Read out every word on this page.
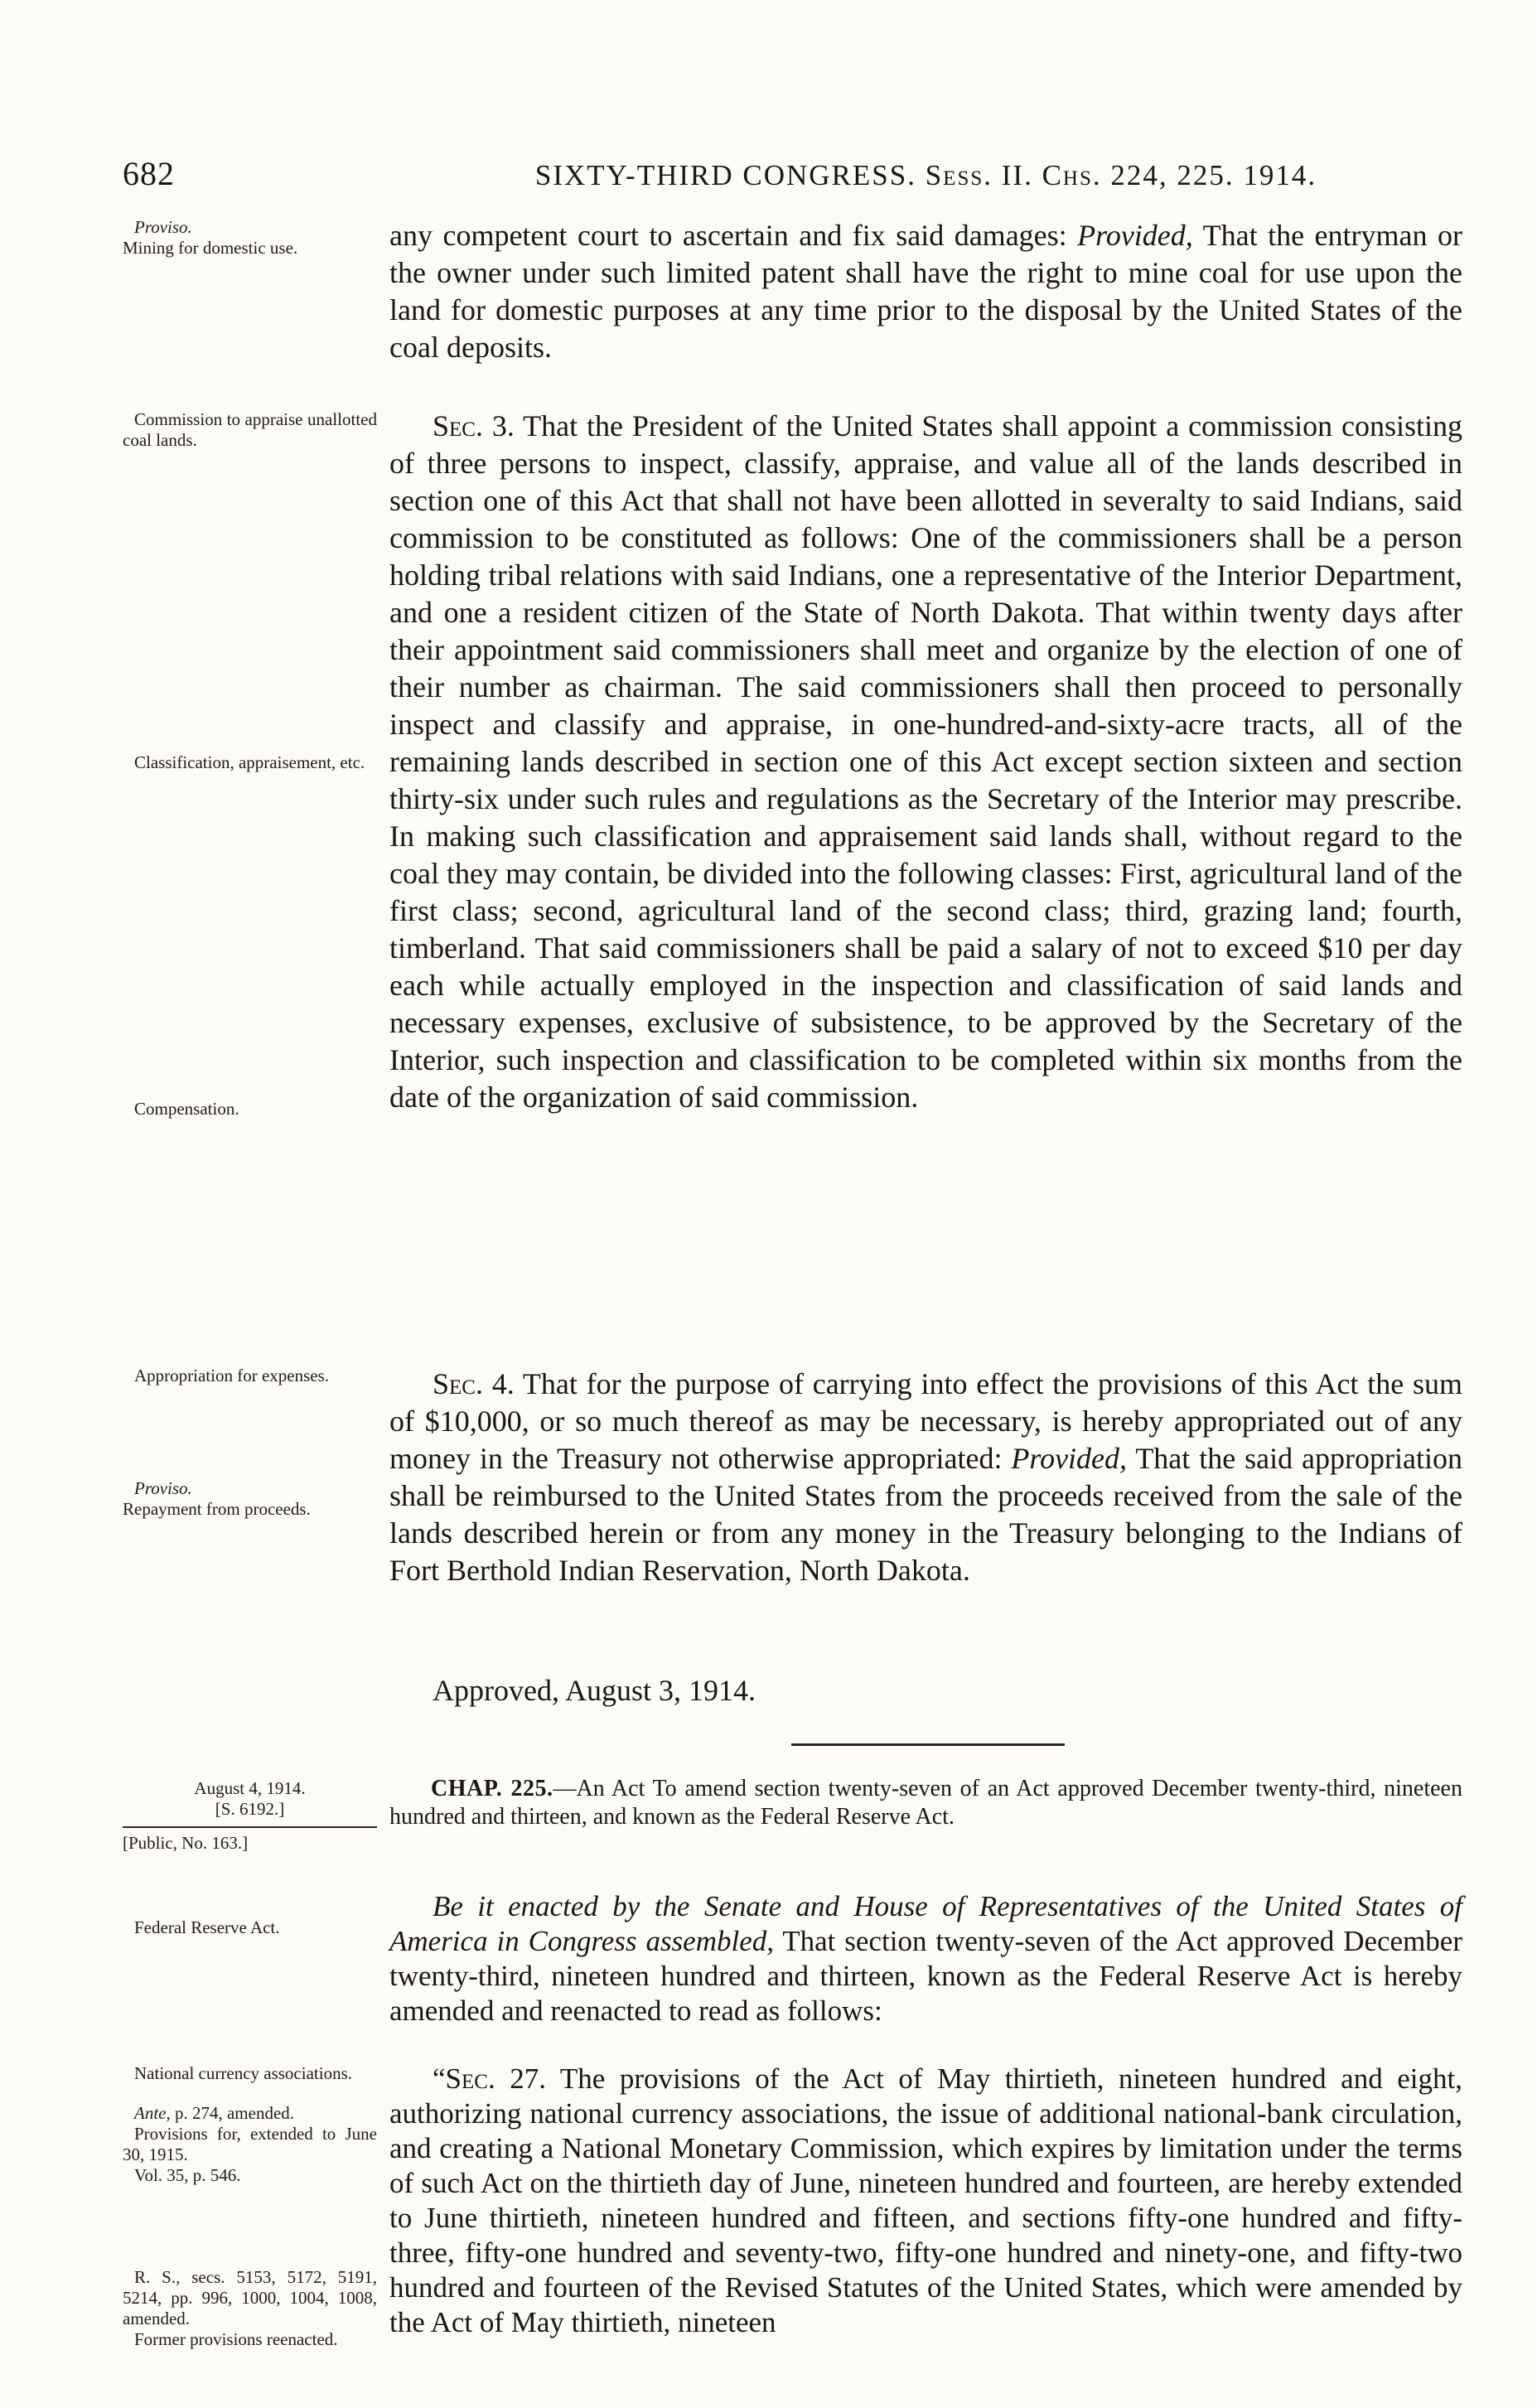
682	SIXTY-THIRD CONGRESS. Sess. II. Chs. 224, 225. 1914.
Proviso.
Mining for domestic use.
Commission to appraise unallotted coal lands.
Classification, appraisement, etc.
Compensation.
Appropriation for expenses.
Proviso.
Repayment from proceeds.
August 4, 1914.
[S. 6192.]
[Public, No. 163.]
Federal Reserve Act.
National currency associations.
Ante, p. 274, amended.
Provisions for, extended to June 30, 1915.
Vol. 35, p. 546.
R. S., secs. 5153, 5172, 5191, 5214, pp. 996, 1000, 1004, 1008, amended.
Former provisions reenacted.

any competent court to ascertain and fix said damages: Provided, That the entryman or the owner under such limited patent shall have the right to mine coal for use upon the land for domestic purposes at any time prior to the disposal by the United States of the coal deposits.

Sec. 3. That the President of the United States shall appoint a commission consisting of three persons to inspect, classify, appraise, and value all of the lands described in section one of this Act that shall not have been allotted in severalty to said Indians, said commission to be constituted as follows: One of the commissioners shall be a person holding tribal relations with said Indians, one a representative of the Interior Department, and one a resident citizen of the State of North Dakota. That within twenty days after their appointment said commissioners shall meet and organize by the election of one of their number as chairman. The said commissioners shall then proceed to personally inspect and classify and appraise, in one-hundred-and-sixty-acre tracts, all of the remaining lands described in section one of this Act except section sixteen and section thirty-six under such rules and regulations as the Secretary of the Interior may prescribe. In making such classification and appraisement said lands shall, without regard to the coal they may contain, be divided into the following classes: First, agricultural land of the first class; second, agricultural land of the second class; third, grazing land; fourth, timberland. That said commissioners shall be paid a salary of not to exceed $10 per day each while actually employed in the inspection and classification of said lands and necessary expenses, exclusive of subsistence, to be approved by the Secretary of the Interior, such inspection and classification to be completed within six months from the date of the organization of said commission.

Sec. 4. That for the purpose of carrying into effect the provisions of this Act the sum of $10,000, or so much thereof as may be necessary, is hereby appropriated out of any money in the Treasury not otherwise appropriated: Provided, That the said appropriation shall be reimbursed to the United States from the proceeds received from the sale of the lands described herein or from any money in the Treasury belonging to the Indians of Fort Berthold Indian Reservation, North Dakota.

Approved, August 3, 1914.

CHAP. 225.—An Act To amend section twenty-seven of an Act approved December twenty-third, nineteen hundred and thirteen, and known as the Federal Reserve Act.

Be it enacted by the Senate and House of Representatives of the United States of America in Congress assembled, That section twenty-seven of the Act approved December twenty-third, nineteen hundred and thirteen, known as the Federal Reserve Act is hereby amended and reenacted to read as follows:

“Sec. 27. The provisions of the Act of May thirtieth, nineteen hundred and eight, authorizing national currency associations, the issue of additional national-bank circulation, and creating a National Monetary Commission, which expires by limitation under the terms of such Act on the thirtieth day of June, nineteen hundred and fourteen, are hereby extended to June thirtieth, nineteen hundred and fifteen, and sections fifty-one hundred and fifty-three, fifty-one hundred and seventy-two, fifty-one hundred and ninety-one, and fifty-two hundred and fourteen of the Revised Statutes of the United States, which were amended by the Act of May thirtieth, nineteen
